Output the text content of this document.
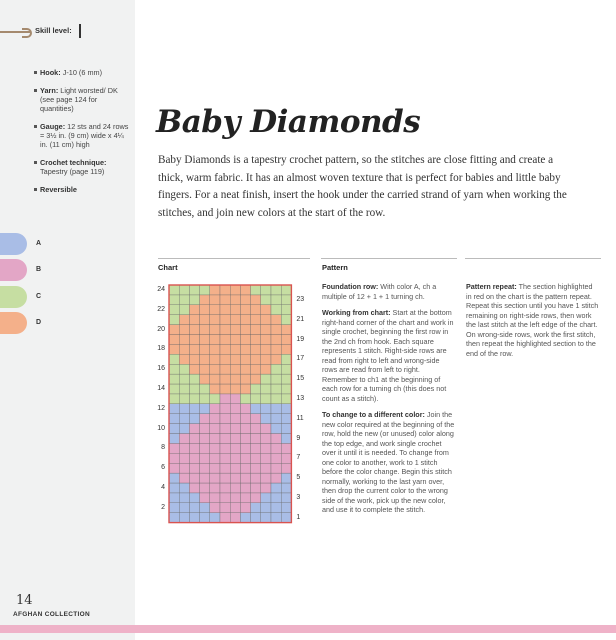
Skill level:
Hook: J-10 (6 mm)
Yarn: Light worsted/ DK (see page 124 for quantities)
Gauge: 12 sts and 24 rows = 3½ in. (9 cm) wide x 4¼ in. (11 cm) high
Crochet technique: Tapestry (page 119)
Reversible
A
B
C
D
14
AFGHAN COLLECTION
Baby Diamonds
Baby Diamonds is a tapestry crochet pattern, so the stitches are close fitting and create a thick, warm fabric. It has an almost woven texture that is perfect for babies and little baby fingers. For a neat finish, insert the hook under the carried strand of yarn when working the stitches, and join new colors at the start of the row.
Chart
24
22
20
18
16
14
12
10
8
6
4
2
23
21
19
17
15
13
11
9
7
5
3
1
Pattern

Foundation row: With color A, ch a multiple of 12 + 1 + 1 turning ch.

Working from chart: Start at the bottom right-hand corner of the chart and work in single crochet, beginning the first row in the 2nd ch from hook. Each square represents 1 stitch. Right-side rows are read from right to left and wrong-side rows are read from left to right. Remember to ch1 at the beginning of each row for a turning ch (this does not count as a stitch).

To change to a different color: Join the new color required at the beginning of the row, hold the new (or unused) color along the top edge, and work single crochet over it until it is needed. To change from one color to another, work to 1 stitch before the color change. Begin this stitch normally, working to the last yarn over, then drop the current color to the wrong side of the work, pick up the new color, and use it to complete the stitch.

Pattern repeat: The section highlighted in red on the chart is the pattern repeat. Repeat this section until you have 1 stitch remaining on right-side rows, then work the last stitch at the left edge of the chart. On wrong-side rows, work the first stitch, then repeat the highlighted section to the end of the row.
